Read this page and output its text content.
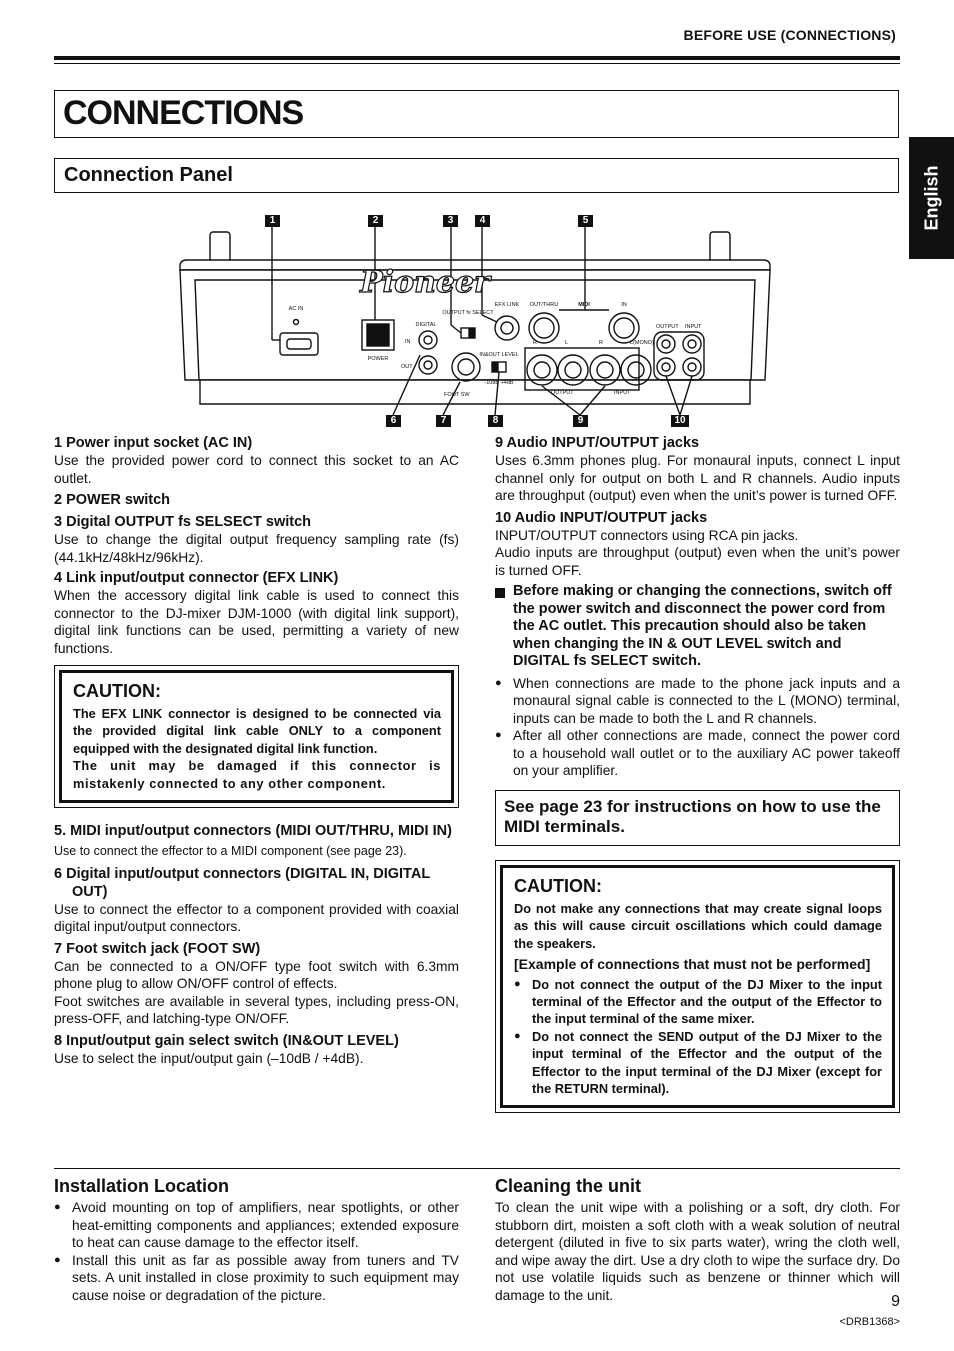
BEFORE USE (CONNECTIONS)
CONNECTIONS
Connection Panel	English
Pioneer
AC IN
POWER
DIGITAL
IN
OUT
OUTPUT fs SELECT
EFX LINK OUT/THRU	MIDI	IN
FOOT SW
IN&OUT LEVEL
-10dB +4dB
R	L	R	L(MONO)
OUTPUT	INPUT
OUTPUT INPUT
1	2	3	4	5
6	7	8	9	10

1 Power input socket (AC IN)

Use the provided power cord to connect this socket to an AC outlet.

2 POWER switch

3 Digital OUTPUT fs SELSECT switch

Use to change the digital output frequency sampling rate (fs) (44.1kHz/48kHz/96kHz).

4 Link input/output connector (EFX LINK)

When the accessory digital link cable is used to connect this connector to the DJ-mixer DJM-1000 (with digital link support), digital link functions can be used, permitting a variety of new functions.

CAUTION:

The EFX LINK connector is designed to be connected via the provided digital link cable ONLY to a component equipped with the designated digital link function.

The unit may be damaged if this connector is mistakenly connected to any other component.

5. MIDI input/output connectors (MIDI OUT/THRU, MIDI IN)

Use to connect the effector to a MIDI component (see page 23).

6 Digital input/output connectors (DIGITAL IN, DIGITAL OUT)

Use to connect the effector to a component provided with coaxial digital input/output connectors.

7 Foot switch jack (FOOT SW)

Can be connected to a ON/OFF type foot switch with 6.3mm phone plug to allow ON/OFF control of effects.

Foot switches are available in several types, including press-ON, press-OFF, and latching-type ON/OFF.

8 Input/output gain select switch (IN&OUT LEVEL)

Use to select the input/output gain (–10dB / +4dB).

9 Audio INPUT/OUTPUT jacks

Uses 6.3mm phones plug. For monaural inputs, connect L input channel only for output on both L and R channels. Audio inputs are throughput (output) even when the unit’s power is turned OFF.

10 Audio INPUT/OUTPUT jacks

INPUT/OUTPUT connectors using RCA pin jacks.

Audio inputs are throughput (output) even when the unit’s power is turned OFF.

Before making or changing the connections, switch off the power switch and disconnect the power cord from the AC outlet. This precaution should also be taken when changing the IN & OUT LEVEL switch and DIGITAL fs SELECT switch.

● When connections are made to the phone jack inputs and a monaural signal cable is connected to the L (MONO) terminal, inputs can be made to both the L and R channels.
● After all other connections are made, connect the power cord to a household wall outlet or to the auxiliary AC power takeoff on your amplifier.
See page 23 for instructions on how to use the MIDI terminals.

CAUTION:

Do not make any connections that may create signal loops as this will cause circuit oscillations which could damage the speakers.

[Example of connections that must not be performed]

● Do not connect the output of the DJ Mixer to the input terminal of the Effector and the output of the Effector to the input terminal of the same mixer.
● Do not connect the SEND output of the DJ Mixer to the input terminal of the Effector and the output of the Effector to the input terminal of the DJ Mixer (except for the RETURN terminal).

Installation Location

● Avoid mounting on top of amplifiers, near spotlights, or other heat-emitting components and appliances; extended exposure to heat can cause damage to the effector itself.
● Install this unit as far as possible away from tuners and TV sets. A unit installed in close proximity to such equipment may cause noise or degradation of the picture.

Cleaning the unit

To clean the unit wipe with a polishing or a soft, dry cloth. For stubborn dirt, moisten a soft cloth with a weak solution of neutral detergent (diluted in five to six parts water), wring the cloth well, and wipe away the dirt. Use a dry cloth to wipe the surface dry. Do not use volatile liquids such as benzene or thinner which will damage to the unit.	9
<DRB1368>
